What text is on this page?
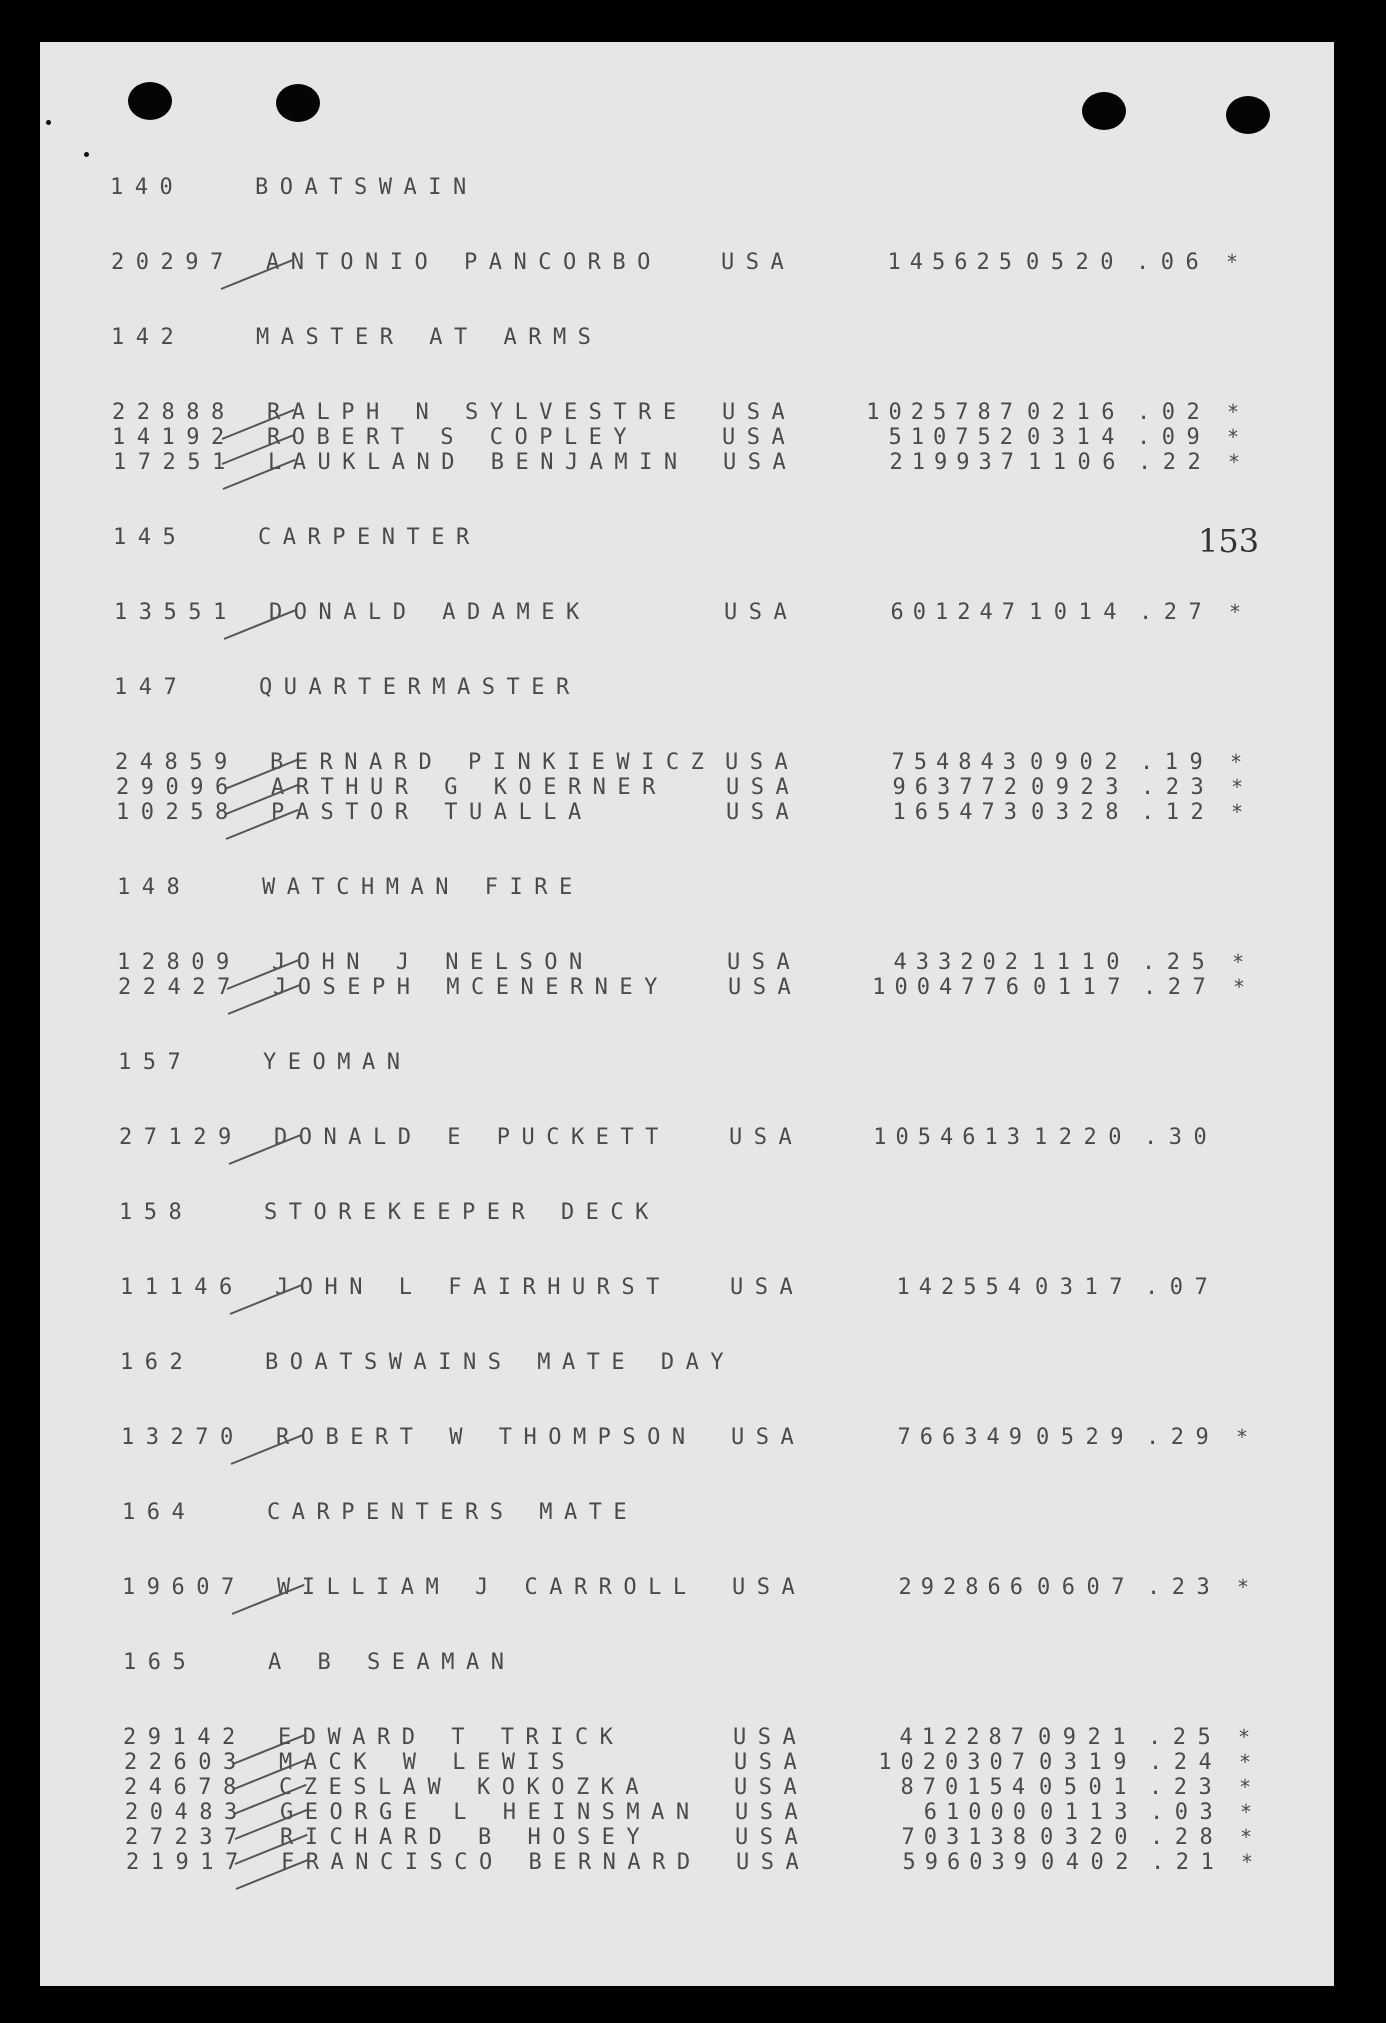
153
140	BOATSWAIN
20297 ANTONIO PANCORBO	USA	145625 0520 .06 *
142	MASTER AT ARMS
22888 RALPH N SYLVESTRE USA	1025787 0216 .02 *
14192 ROBERT S COPLEY	USA	510752 0314 .09 *
17251 LAUKLAND BENJAMIN USA	219937 1106 .22 *
145	CARPENTER
13551 DONALD ADAMEK	USA	601247 1014 .27 *
147	QUARTERMASTER
24859 BERNARD PINKIEWICZ USA	754843 0902 .19 *
29096 ARTHUR G KOERNER	USA	963772 0923 .23 *
10258 PASTOR TUALLA	USA	165473 0328 .12 *
148	WATCHMAN FIRE
12809 JOHN J NELSON	USA	433202 1110 .25 *
22427 JOSEPH MCENERNEY	USA	1004776 0117 .27 *
157	YEOMAN
27129 DONALD E PUCKETT	USA	1054613 1220 .30
158	STOREKEEPER DECK
11146 JOHN L FAIRHURST	USA	142554 0317 .07
162	BOATSWAINS MATE DAY
13270 ROBERT W THOMPSON USA	766349 0529 .29 *
164	CARPENTERS MATE
19607 WILLIAM J CARROLL USA	292866 0607 .23 *
165	A B SEAMAN
29142 EDWARD T TRICK	USA	412287 0921 .25 *
22603 MACK W LEWIS	USA	1020307 0319 .24 *
24678 CZESLAW KOKOZKA	USA	870154 0501 .23 *
20483 GEORGE L HEINSMAN USA	61000 0113 .03 *
27237 RICHARD B HOSEY	USA	703138 0320 .28 *
21917 FRANCISCO BERNARD USA	596039 0402 .21 *
